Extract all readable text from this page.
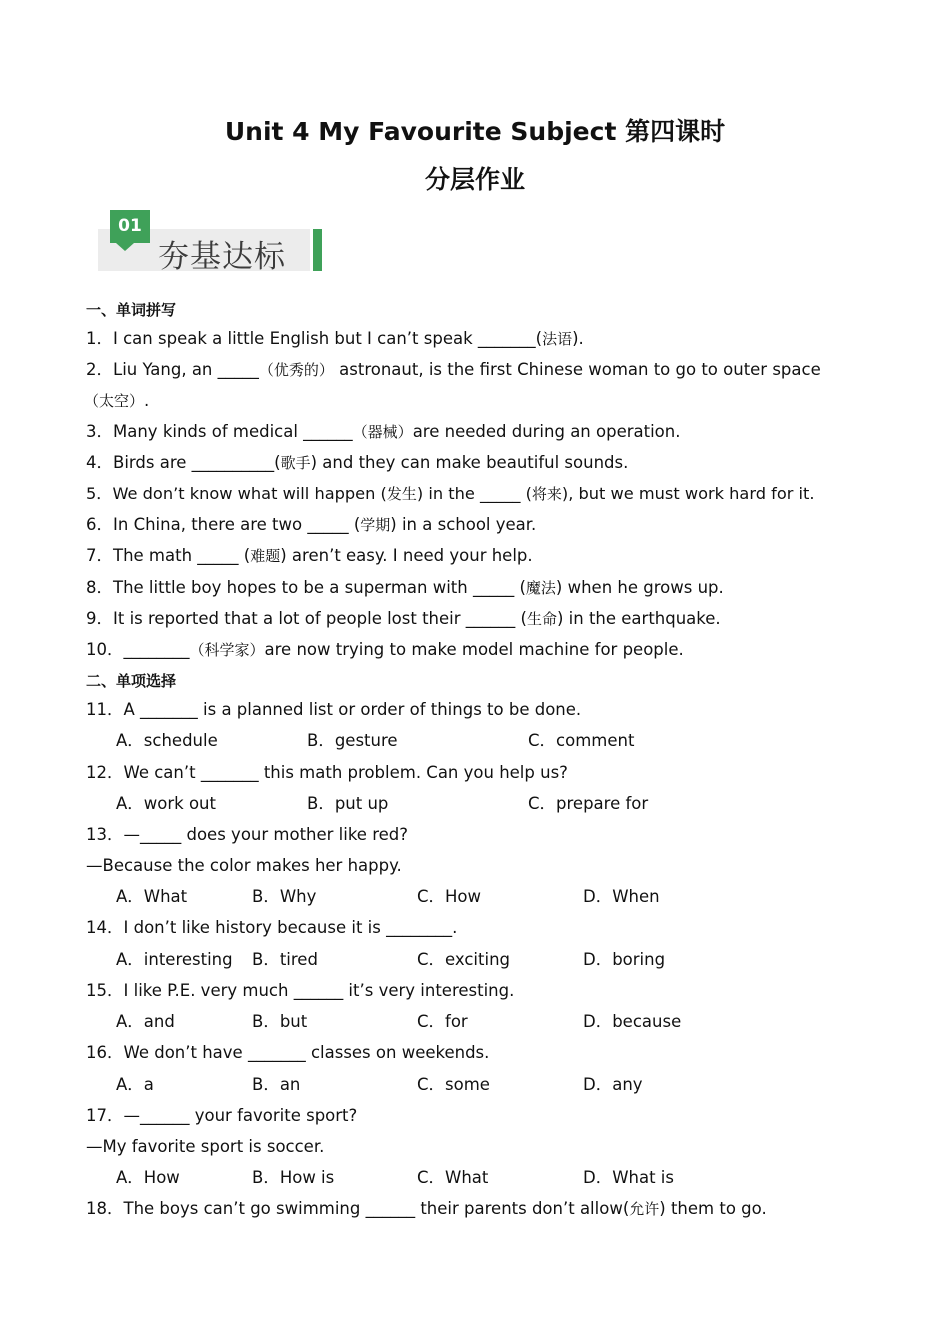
Unit 4 My Favourite Subject 第四课时
分层作业
01
夯基达标
一、单词拼写
1．I can speak a little English but I can’t speak _______(法语).
2．Liu Yang, an _____（优秀的） astronaut, is the first Chinese woman to go to outer space
（太空）.
3．Many kinds of medical ______（器械）are needed during an operation.
4．Birds are __________(歌手) and they can make beautiful sounds.
5．We don’t know what will happen (发生) in the _____ (将来), but we must work hard for it.
6．In China, there are two _____ (学期) in a school year.
7．The math _____ (难题) aren’t easy. I need your help.
8．The little boy hopes to be a superman with _____ (魔法) when he grows up.
9．It is reported that a lot of people lost their ______ (生命) in the earthquake.
10．________（科学家）are now trying to make model machine for people.
二、单项选择
11．A _______ is a planned list or order of things to be done.
A．schedule	B．gesture	C．comment
12．We can’t _______ this math problem. Can you help us?
A．work out	B．put up	C．prepare for
13．—_____ does your mother like red?
—Because the color makes her happy.
A．What	B．Why	C．How	D．When
14．I don’t like history because it is ________.
A．interesting B．tired	C．exciting	D．boring
15．I like P.E. very much ______ it’s very interesting.
A．and	B．but	C．for	D．because
16．We don’t have _______ classes on weekends.
A．a	B．an	C．some	D．any
17．—______ your favorite sport?
—My favorite sport is soccer.
A．How	B．How is	C．What	D．What is
18．The boys can’t go swimming ______ their parents don’t allow(允许) them to go.
